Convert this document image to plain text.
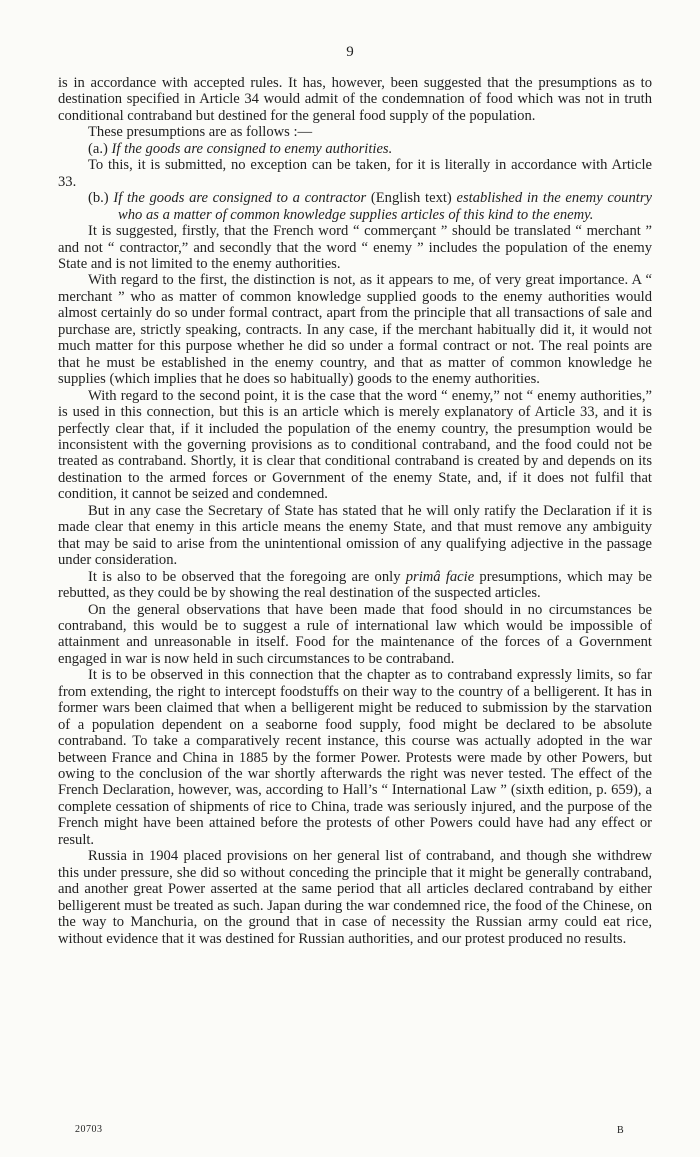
9

is in accordance with accepted rules. It has, however, been suggested that the presumptions as to destination specified in Article 34 would admit of the condemnation of food which was not in truth conditional contraband but destined for the general food supply of the population.

These presumptions are as follows :—

(a.) If the goods are consigned to enemy authorities.

To this, it is submitted, no exception can be taken, for it is literally in accordance with Article 33.

(b.) If the goods are consigned to a contractor (English text) established in the enemy country who as a matter of common knowledge supplies articles of this kind to the enemy.

It is suggested, firstly, that the French word “ commerçant ” should be translated “ merchant ” and not “ contractor,” and secondly that the word “ enemy ” includes the population of the enemy State and is not limited to the enemy authorities.

With regard to the first, the distinction is not, as it appears to me, of very great importance. A “ merchant ” who as matter of common knowledge supplied goods to the enemy authorities would almost certainly do so under formal contract, apart from the principle that all transactions of sale and purchase are, strictly speaking, contracts. In any case, if the merchant habitually did it, it would not much matter for this purpose whether he did so under a formal contract or not. The real points are that he must be established in the enemy country, and that as matter of common knowledge he supplies (which implies that he does so habitually) goods to the enemy authorities.

With regard to the second point, it is the case that the word “ enemy,” not “ enemy authorities,” is used in this connection, but this is an article which is merely explanatory of Article 33, and it is perfectly clear that, if it included the population of the enemy country, the presumption would be inconsistent with the governing provisions as to conditional contraband, and the food could not be treated as contraband. Shortly, it is clear that conditional contraband is created by and depends on its destination to the armed forces or Government of the enemy State, and, if it does not fulfil that condition, it cannot be seized and condemned.

But in any case the Secretary of State has stated that he will only ratify the Declaration if it is made clear that enemy in this article means the enemy State, and that must remove any ambiguity that may be said to arise from the unintentional omission of any qualifying adjective in the passage under consideration.

It is also to be observed that the foregoing are only primâ facie presumptions, which may be rebutted, as they could be by showing the real destination of the suspected articles.

On the general observations that have been made that food should in no circumstances be contraband, this would be to suggest a rule of international law which would be impossible of attainment and unreasonable in itself. Food for the maintenance of the forces of a Government engaged in war is now held in such circumstances to be contraband.

It is to be observed in this connection that the chapter as to contraband expressly limits, so far from extending, the right to intercept foodstuffs on their way to the country of a belligerent. It has in former wars been claimed that when a belligerent might be reduced to submission by the starvation of a population dependent on a seaborne food supply, food might be declared to be absolute contraband. To take a comparatively recent instance, this course was actually adopted in the war between France and China in 1885 by the former Power. Protests were made by other Powers, but owing to the conclusion of the war shortly afterwards the right was never tested. The effect of the French Declaration, however, was, according to Hall’s “ International Law ” (sixth edition, p. 659), a complete cessation of shipments of rice to China, trade was seriously injured, and the purpose of the French might have been attained before the protests of other Powers could have had any effect or result.

Russia in 1904 placed provisions on her general list of contraband, and though she withdrew this under pressure, she did so without conceding the principle that it might be generally contraband, and another great Power asserted at the same period that all articles declared contraband by either belligerent must be treated as such. Japan during the war condemned rice, the food of the Chinese, on the way to Manchuria, on the ground that in case of necessity the Russian army could eat rice, without evidence that it was destined for Russian authorities, and our protest produced no results.

20703	B
